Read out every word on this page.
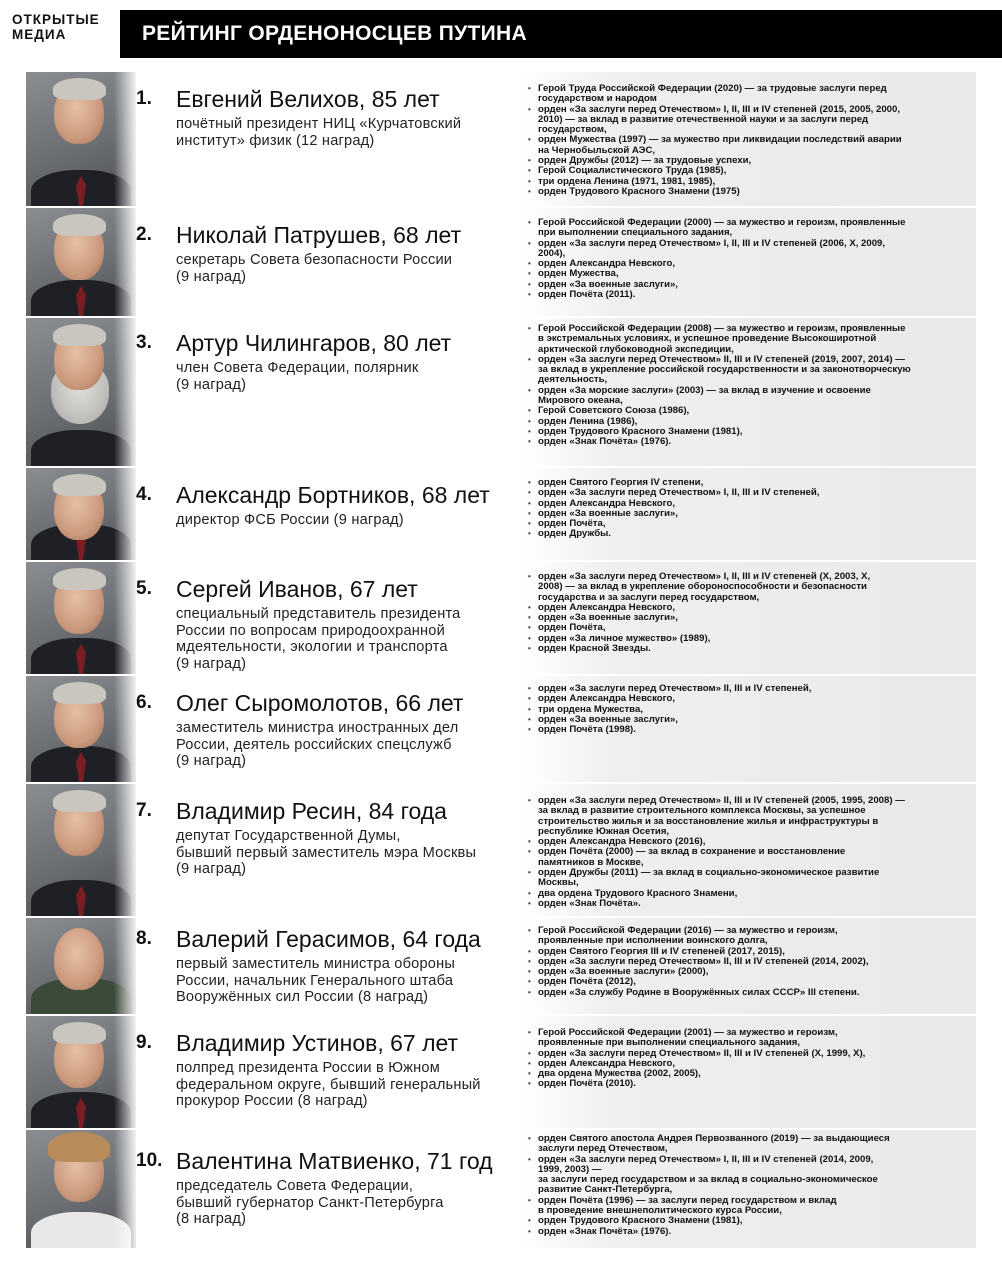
ОТКРЫТЫЕ
МЕДИА	РЕЙТИНГ ОРДЕНОНОСЦЕВ ПУТИНА
1. Евгений Велихов, 85 лет
почётный президент НИЦ «Курчатовский
институт» физик (12 наград)
• Герой Труда Российской Федерации (2020) — за трудовые заслуги перед
государством и народом
• орден «За заслуги перед Отечеством» I, II, III и IV степеней (2015, 2005, 2000,
2010) — за вклад в развитие отечественной науки и за заслуги перед
государством,
• орден Мужества (1997) — за мужество при ликвидации последствий аварии
на Чернобыльской АЭС,
• орден Дружбы (2012) — за трудовые успехи,
• Герой Социалистического Труда (1985),
• три ордена Ленина (1971, 1981, 1985),
• орден Трудового Красного Знамени (1975)
2. Николай Патрушев, 68 лет
секретарь Совета безопасности России
(9 наград)
• Герой Российской Федерации (2000) — за мужество и героизм, проявленные
при выполнении специального задания,
• орден «За заслуги перед Отечеством» I, II, III и IV степеней (2006, Х, 2009,
2004),
• орден Александра Невского,
• орден Мужества,
• орден «За военные заслуги»,
• орден Почёта (2011).
3. Артур Чилингаров, 80 лет
член Совета Федерации, полярник
(9 наград)
• Герой Российской Федерации (2008) — за мужество и героизм, проявленные
в экстремальных условиях, и успешное проведение Высокоширотной
арктической глубоководной экспедиции,
• орден «За заслуги перед Отечеством» II, III и IV степеней (2019, 2007, 2014) —
за вклад в укрепление российской государственности и за законотворческую
деятельность,
• орден «За морские заслуги» (2003) — за вклад в изучение и освоение
Мирового океана,
• Герой Советского Союза (1986),
• орден Ленина (1986),
• орден Трудового Красного Знамени (1981),
• орден «Знак Почёта» (1976).
4. Александр Бортников, 68 лет
директор ФСБ России (9 наград)
• орден Святого Георгия IV степени,
• орден «За заслуги перед Отечеством» I, II, III и IV степеней,
• орден Александра Невского,
• орден «За военные заслуги»,
• орден Почёта,
• орден Дружбы.
5. Сергей Иванов, 67 лет
специальный представитель президента
России по вопросам природоохранной
мдеятельности, экологии и транспорта
(9 наград)
• орден «За заслуги перед Отечеством» I, II, III и IV степеней (Х, 2003, Х,
2008) — за вклад в укрепление обороноспособности и безопасности
государства и за заслуги перед государством,
• орден Александра Невского,
• орден «За военные заслуги»,
• орден Почёта,
• орден «За личное мужество» (1989),
• орден Красной Звезды.
6. Олег Сыромолотов, 66 лет
заместитель министра иностранных дел
России, деятель российских спецслужб
(9 наград)
• орден «За заслуги перед Отечеством» II, III и IV степеней,
• орден Александра Невского,
• три ордена Мужества,
• орден «За военные заслуги»,
• орден Почёта (1998).
7. Владимир Ресин, 84 года
депутат Государственной Думы,
бывший первый заместитель мэра Москвы
(9 наград)
• орден «За заслуги перед Отечеством» II, III и IV степеней (2005, 1995, 2008) —
за вклад в развитие строительного комплекса Москвы, за успешное
строительство жилья и за восстановление жилья и инфраструктуры в
республике Южная Осетия,
• орден Александра Невского (2016),
• орден Почёта (2000) — за вклад в сохранение и восстановление
памятников в Москве,
• орден Дружбы (2011) — за вклад в социально-экономическое развитие
Москвы,
• два ордена Трудового Красного Знамени,
• орден «Знак Почёта».
8. Валерий Герасимов, 64 года
первый заместитель министра обороны
России, начальник Генерального штаба
Вооружённых сил России (8 наград)
• Герой Российской Федерации (2016) — за мужество и героизм,
проявленные при исполнении воинского долга,
• орден Святого Георгия III и IV степеней (2017, 2015),
• орден «За заслуги перед Отечеством» II, III и IV степеней (2014, 2002),
• орден «За военные заслуги» (2000),
• орден Почёта (2012),
• орден «За службу Родине в Вооружённых силах СССР» III степени.
9. Владимир Устинов, 67 лет
полпред президента России в Южном
федеральном округе, бывший генеральный
прокурор России (8 наград)
• Герой Российской Федерации (2001) — за мужество и героизм,
проявленные при выполнении специального задания,
• орден «За заслуги перед Отечеством» II, III и IV степеней (Х, 1999, Х),
• орден Александра Невского,
• два ордена Мужества (2002, 2005),
• орден Почёта (2010).
10. Валентина Матвиенко, 71 год
председатель Совета Федерации,
бывший губернатор Санкт-Петербурга
(8 наград)
• орден Святого апостола Андрея Первозванного (2019) — за выдающиеся
заслуги перед Отечеством,
• орден «За заслуги перед Отечеством» I, II, III и IV степеней (2014, 2009,
1999, 2003) —
за заслуги перед государством и за вклад в социально-экономическое
развитие Санкт-Петербурга,
• орден Почёта (1996) — за заслуги перед государством и вклад
в проведение внешнеполитического курса России,
• орден Трудового Красного Знамени (1981),
• орден «Знак Почёта» (1976).
